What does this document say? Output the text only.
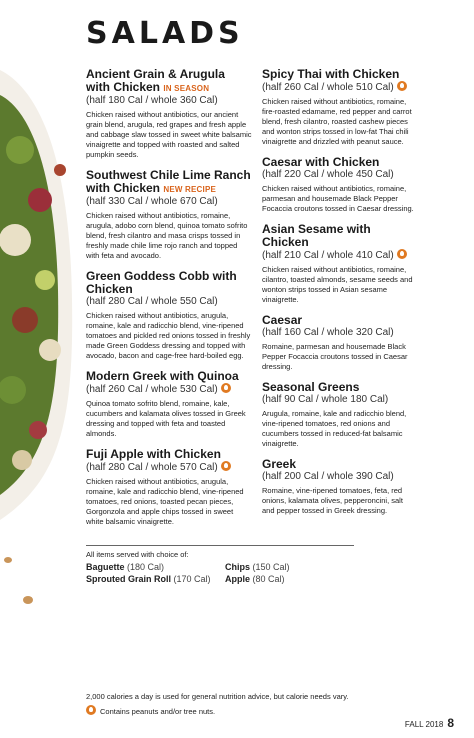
SALADS
Ancient Grain & Arugula with Chicken IN SEASON
(half 180 Cal / whole 360 Cal)
Chicken raised without antibiotics, our ancient grain blend, arugula, red grapes and fresh apple and cabbage slaw tossed in sweet white balsamic vinaigrette and topped with roasted and salted pumpkin seeds.
Southwest Chile Lime Ranch with Chicken NEW RECIPE
(half 330 Cal / whole 670 Cal)
Chicken raised without antibiotics, romaine, arugula, adobo corn blend, quinoa tomato sofrito blend, fresh cilantro and masa crisps tossed in freshly made chile lime rojo ranch and topped with feta and avocado.
Green Goddess Cobb with Chicken
(half 280 Cal / whole 550 Cal)
Chicken raised without antibiotics, arugula, romaine, kale and radicchio blend, vine-ripened tomatoes and pickled red onions tossed in freshly made Green Goddess dressing and topped with avocado, bacon and cage-free hard-boiled egg.
Modern Greek with Quinoa
(half 260 Cal / whole 530 Cal)
Quinoa tomato sofrito blend, romaine, kale, cucumbers and kalamata olives tossed in Greek dressing and topped with feta and toasted almonds.
Fuji Apple with Chicken
(half 280 Cal / whole 570 Cal)
Chicken raised without antibiotics, arugula, romaine, kale and radicchio blend, vine-ripened tomatoes, red onions, toasted pecan pieces, Gorgonzola and apple chips tossed in sweet white balsamic vinaigrette.
Spicy Thai with Chicken
(half 260 Cal / whole 510 Cal)
Chicken raised without antibiotics, romaine, fire-roasted edamame, red pepper and carrot blend, fresh cilantro, roasted cashew pieces and wonton strips tossed in low-fat Thai chili vinaigrette and drizzled with peanut sauce.
Caesar with Chicken
(half 220 Cal / whole 450 Cal)
Chicken raised without antibiotics, romaine, parmesan and housemade Black Pepper Focaccia croutons tossed in Caesar dressing.
Asian Sesame with Chicken
(half 210 Cal / whole 410 Cal)
Chicken raised without antibiotics, romaine, cilantro, toasted almonds, sesame seeds and wonton strips tossed in Asian sesame vinaigrette.
Caesar
(half 160 Cal / whole 320 Cal)
Romaine, parmesan and housemade Black Pepper Focaccia croutons tossed in Caesar dressing.
Seasonal Greens
(half 90 Cal / whole 180 Cal)
Arugula, romaine, kale and radicchio blend, vine-ripened tomatoes, red onions and cucumbers tossed in reduced-fat balsamic vinaigrette.
Greek
(half 200 Cal / whole 390 Cal)
Romaine, vine-ripened tomatoes, feta, red onions, kalamata olives, pepperoncini, salt and pepper tossed in Greek dressing.
All items served with choice of:
Baguette (180 Cal)
Sprouted Grain Roll (170 Cal)
Chips (150 Cal)
Apple (80 Cal)
2,000 calories a day is used for general nutrition advice, but calorie needs vary.
Contains peanuts and/or tree nuts.
FALL 2018 8
